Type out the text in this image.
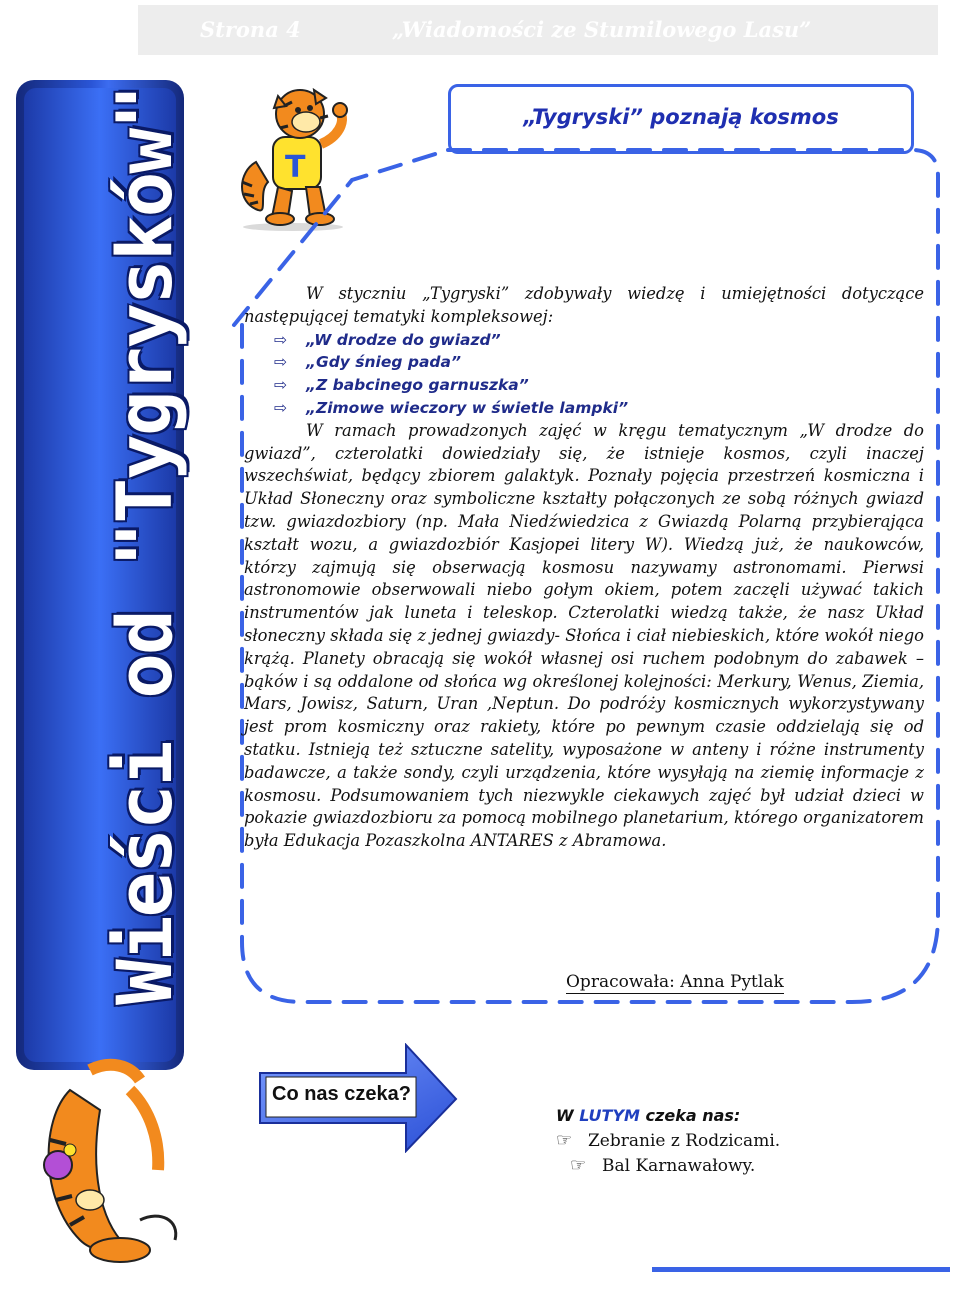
Strona 4	„Wiadomości ze Stumilowego Lasu”
Wieści od "Tygrysków"	T
„Tygryski” poznają kosmos

W styczniu „Tygryski” zdobywały wiedzę i umiejętności dotyczące następującej tematyki kompleksowej:

⇨	„W drodze do gwiazd”
⇨	„Gdy śnieg pada”
⇨	„Z babcinego garnuszka”
⇨	„Zimowe wieczory w świetle lampki”

W ramach prowadzonych zajęć w kręgu tematycznym „W drodze do gwiazd”, czterolatki dowiedziały się, że istnieje kosmos, czyli inaczej wszechświat, będący zbiorem galaktyk. Poznały pojęcia przestrzeń kosmiczna i Układ Słoneczny oraz symboliczne kształty połączonych ze sobą różnych gwiazd tzw. gwiazdozbiory (np. Mała Niedźwiedzica z Gwiazdą Polarną przybierająca kształt wozu, a gwiazdozbiór Kasjopei litery W). Wiedzą już, że naukowców, którzy zajmują się obserwacją kosmosu nazywamy astronomami. Pierwsi astronomowie obserwowali niebo gołym okiem, potem zaczęli używać takich instrumentów jak luneta i teleskop. Czterolatki wiedzą także, że nasz Układ słoneczny składa się z jednej gwiazdy- Słońca i ciał niebieskich, które wokół niego krążą. Planety obracają się wokół własnej osi ruchem podobnym do zabawek – bąków i są oddalone od słońca wg określonej kolejności: Merkury, Wenus, Ziemia, Mars, Jowisz, Saturn, Uran ,Neptun. Do podróży kosmicznych wykorzystywany jest prom kosmiczny oraz rakiety, które po pewnym czasie oddzielają się od statku. Istnieją też sztuczne satelity, wyposażone w anteny i różne instrumenty badawcze, a także sondy, czyli urządzenia, które wysyłają na ziemię informacje z kosmosu. Podsumowaniem tych niezwykle ciekawych zajęć był udział dzieci w pokazie gwiazdozbioru za pomocą mobilnego planetarium, którego organizatorem była Edukacja Pozaszkolna ANTARES z Abramowa.

Opracowała: Anna Pytlak
Co nas czeka?
W LUTYM czeka nas:
☞ Zebranie z Rodzicami.
☞ Bal Karnawałowy.
